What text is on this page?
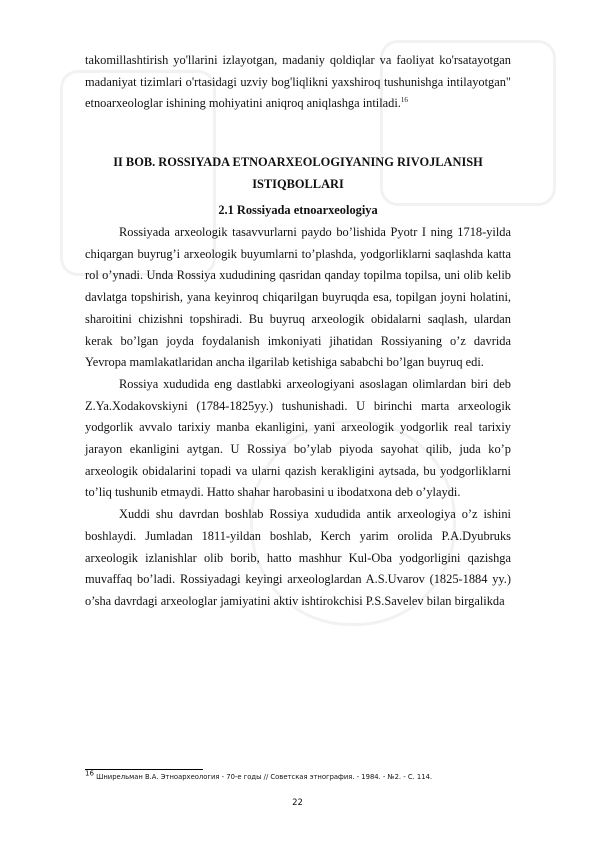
takomillashtirish yo'llarini izlayotgan, madaniy qoldiqlar va faoliyat ko'rsatayotgan madaniyat tizimlari o'rtasidagi uzviy bog'liqlikni yaxshiroq tushunishga intilayotgan" etnoarxeologlar ishining mohiyatini aniqroq aniqlashga intiladi.$^{16}$

II BOB. ROSSIYADA ETNOARXEOLOGIYANING RIVOJLANISH ISTIQBOLLARI
2.1 Rossiyada etnoarxeologiya

Rossiyada arxeologik tasavvurlarni paydo bo’lishida Pyotr I ning 1718-yilda chiqargan buyrug’i arxeologik buyumlarni to’plashda, yodgorliklarni saqlashda katta rol o’ynadi. Unda Rossiya xududining qasridan qanday topilma topilsa, uni olib kelib davlatga topshirish, yana keyinroq chiqarilgan buyruqda esa, topilgan joyni holatini, sharoitini chizishni topshiradi. Bu buyruq arxeologik obidalarni saqlash, ulardan kerak bo’lgan joyda foydalanish imkoniyati jihatidan Rossiyaning o’z davrida Yevropa mamlakatlaridan ancha ilgarilab ketishiga sababchi bo’lgan buyruq edi.

Rossiya xududida eng dastlabki arxeologiyani asoslagan olimlardan biri deb Z.Ya.Xodakovskiyni (1784-1825yy.) tushunishadi. U birinchi marta arxeologik yodgorlik avvalo tarixiy manba ekanligini, yani arxeologik yodgorlik real tarixiy jarayon ekanligini aytgan. U Rossiya bo’ylab piyoda sayohat qilib, juda ko’p arxeologik obidalarini topadi va ularni qazish kerakligini aytsada, bu yodgorliklarni to’liq tushunib etmaydi. Hatto shahar harobasini u ibodatxona deb o’ylaydi.

Xuddi shu davrdan boshlab Rossiya xududida antik arxeologiya o’z ishini boshlaydi. Jumladan 1811-yildan boshlab, Kerch yarim orolida P.A.Dyubruks arxeologik izlanishlar olib borib, hatto mashhur Kul-Oba yodgorligini qazishga muvaffaq bo’ladi. Rossiyadagi keyingi arxeologlardan A.S.Uvarov (1825-1884 yy.) o’sha davrdagi arxeologlar jamiyatini aktiv ishtirokchisi P.S.Savelev bilan birgalikda

$^{16}$ Шнирельман В.А. Этноархеология - 70-е годы // Советская этнография. - 1984. - №2. - С. 114.
22
